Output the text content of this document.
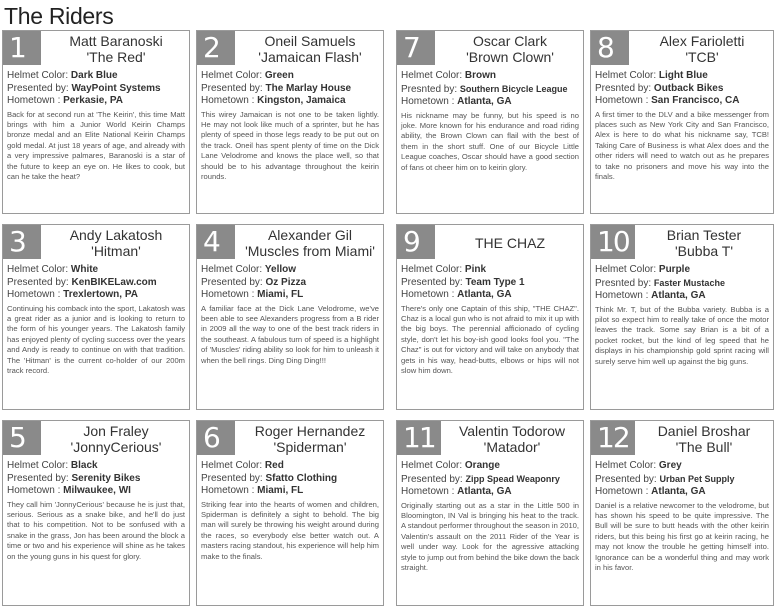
The Riders
1	Matt Baranoski
'The Red'
Helmet Color: Dark Blue
Presented by: WayPoint Systems
Hometown : Perkasie, PA
Back for at second run at 'The Keirin', this time Matt brings with him a Junior World Keirin Champs bronze medal and an Elite National Keirin Champs gold medal. At just 18 years of age, and already with a very impressive palmares, Baranoski is a star of the future to keep an eye on. He likes to cook, but can he take the heat?
2	Oneil Samuels
'Jamaican Flash'
Helmet Color: Green
Presented by: The Marlay House
Hometown : Kingston, Jamaica
This wirey Jamaican is not one to be taken lightly. He may not look like much of a sprinter, but he has plenty of speed in those legs ready to be put out on the track. Oneil has spent plenty of time on the Dick Lane Velodrome and knows the place well, so that should be to his advantage throughout the keirin rounds.
7	Oscar Clark
'Brown Clown'
Helmet Color: Brown
Presnted by: Southern Bicycle League
Hometown : Atlanta, GA
His nickname may be funny, but his speed is no joke. More known for his endurance and road riding ability, the Brown Clown can flail with the best of them in the short stuff. One of our Bicycle Little League coaches, Oscar should have a good section of fans ot cheer him on to keirin glory.
8	Alex Farioletti
'TCB'
Helmet Color: Light Blue
Presnted by: Outback Bikes
Hometown : San Francisco, CA
A first timer to the DLV and a bike messenger from places such as New York City and San Francisco, Alex is here to do what his nickname say, TCB! Taking Care of Business is what Alex does and the other riders will need to watch out as he prepares to take no prisoners and move his way into the finals.
3	Andy Lakatosh
'Hitman'
Helmet Color: White
Presented by: KenBIKELaw.com
Hometown : Trexlertown, PA
Continuing his comback into the sport, Lakatosh was a great rider as a junior and is looking to return to the form of his younger years. The Lakatosh family has enjoyed plenty of cycling success over the years and Andy is ready to continue on with that tradition. The 'Hitman' is the current co-holder of our 200m track record.
4	Alexander Gil
'Muscles from Miami'
Helmet Color: Yellow
Presented by: Oz Pizza
Hometown : Miami, FL
A familiar face at the Dick Lane Velodrome, we've been able to see Alexanders progress from a B rider in 2009 all the way to one of the best track riders in the southeast. A fabulous turn of speed is a highlight of 'Muscles' riding ability so look for him to unleash it when the bell rings. Ding Ding Ding!!!
9	THE CHAZ
Helmet Color: Pink
Presented by: Team Type 1
Hometown : Atlanta, GA
There's only one Captain of this ship, "THE CHAZ". Chaz is a local gun who is not afraid to mix it up with the big boys. The perennial afficionado of cycling style, don't let his boy-ish good looks fool you. "The Chaz" is out for victory and will take on anybody that gets in his way, head-butts, elbows or hips will not slow him down.
10	Brian Tester
'Bubba T'
Helmet Color: Purple
Presnted by: Faster Mustache
Hometown : Atlanta, GA
Think Mr. T, but of the Bubba variety. Bubba is a pilot so expect him to really take of once the motor leaves the track. Some say Brian is a bit of a pocket rocket, but the kind of leg speed that he displays in his championship gold sprint racing will surely serve him well up against the big guns.
5	Jon Fraley
'JonnyCerious'
Helmet Color: Black
Presented by: Serenity Bikes
Hometown : Milwaukee, WI
They call him 'JonnyCerious' because he is just that, serious. Serious as a snake bike, and he'll do just that to his competition. Not to be sonfused with a snake in the grass, Jon has been around the block a time or two and his experience will shine as he takes on the young guns in his quest for glory.
6	Roger Hernandez
'Spiderman'
Helmet Color: Red
Presented by: Sfatto Clothing
Hometown : Miami, FL
Striking fear into the hearts of women and children, Spiderman is definitely a sight to behold. The big man will surely be throwing his weight around during the races, so everybody else better watch out. A masters racing standout, his experience will help him make to the finals.
11	Valentin Todorow
'Matador'
Helmet Color: Orange
Presented by: Zipp Spead Weaponry
Hometown : Atlanta, GA
Originally starting out as a star in the Little 500 in Bloomington, IN Val is bringing his heat to the track. A standout performer throughout the season in 2010, Valentin's assault on the 2011 Rider of the Year is well under way. Look for the agressive attacking style to jump out from behind the bike down the back straight.
12	Daniel Broshar
'The Bull'
Helmet Color: Grey
Presented by: Urban Pet Supply
Hometown : Atlanta, GA
Daniel is a relative newcomer to the velodrome, but has shown his speed to be quite impressive. The Bull will be sure to butt heads with the other keirin riders, but this being his first go at keirin racing, he may not know the trouble he getting himself into. Ignorance can be a wonderful thing and may work in his favor.
